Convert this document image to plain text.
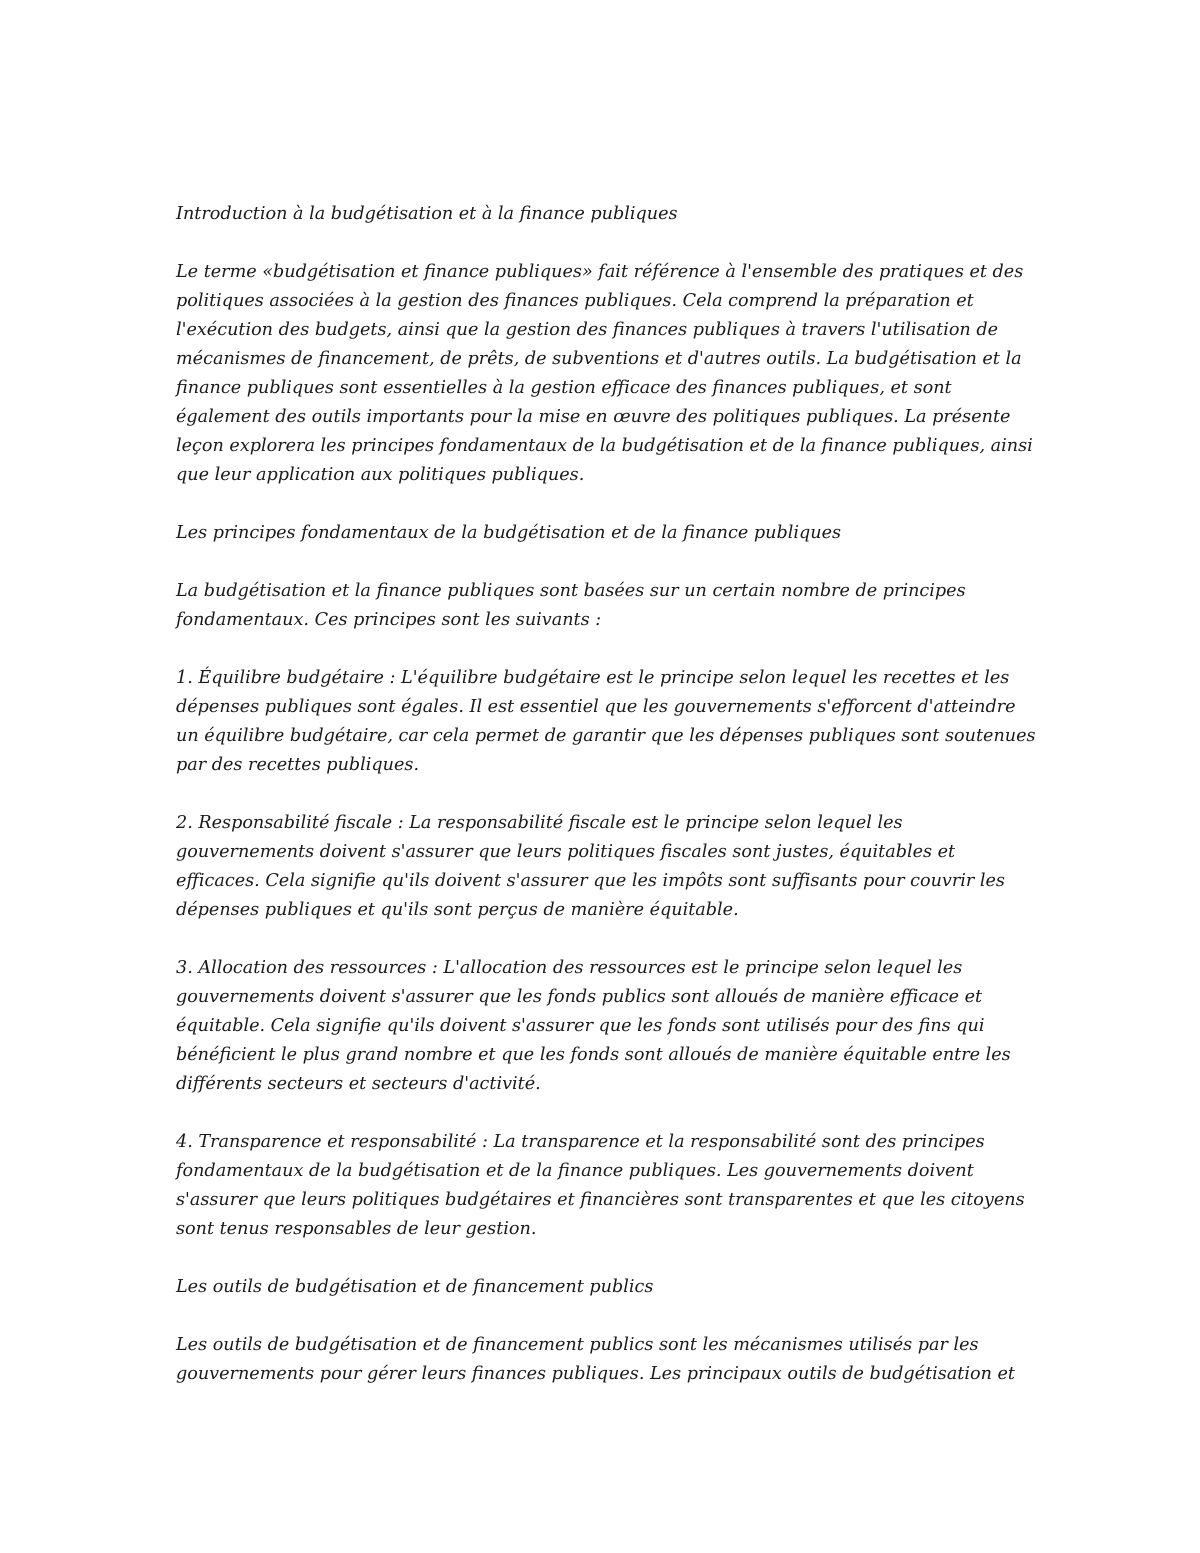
Introduction à la budgétisation et à la finance publiques

Le terme «budgétisation et finance publiques» fait référence à l'ensemble des pratiques et des politiques associées à la gestion des finances publiques. Cela comprend la préparation et l'exécution des budgets, ainsi que la gestion des finances publiques à travers l'utilisation de mécanismes de financement, de prêts, de subventions et d'autres outils. La budgétisation et la finance publiques sont essentielles à la gestion efficace des finances publiques, et sont également des outils importants pour la mise en œuvre des politiques publiques. La présente leçon explorera les principes fondamentaux de la budgétisation et de la finance publiques, ainsi que leur application aux politiques publiques.

Les principes fondamentaux de la budgétisation et de la finance publiques

La budgétisation et la finance publiques sont basées sur un certain nombre de principes fondamentaux. Ces principes sont les suivants :

1. Équilibre budgétaire : L'équilibre budgétaire est le principe selon lequel les recettes et les dépenses publiques sont égales. Il est essentiel que les gouvernements s'efforcent d'atteindre un équilibre budgétaire, car cela permet de garantir que les dépenses publiques sont soutenues par des recettes publiques.

2. Responsabilité fiscale : La responsabilité fiscale est le principe selon lequel les gouvernements doivent s'assurer que leurs politiques fiscales sont justes, équitables et efficaces. Cela signifie qu'ils doivent s'assurer que les impôts sont suffisants pour couvrir les dépenses publiques et qu'ils sont perçus de manière équitable.

3. Allocation des ressources : L'allocation des ressources est le principe selon lequel les gouvernements doivent s'assurer que les fonds publics sont alloués de manière efficace et équitable. Cela signifie qu'ils doivent s'assurer que les fonds sont utilisés pour des fins qui bénéficient le plus grand nombre et que les fonds sont alloués de manière équitable entre les différents secteurs et secteurs d'activité.

4. Transparence et responsabilité : La transparence et la responsabilité sont des principes fondamentaux de la budgétisation et de la finance publiques. Les gouvernements doivent s'assurer que leurs politiques budgétaires et financières sont transparentes et que les citoyens sont tenus responsables de leur gestion.

Les outils de budgétisation et de financement publics

Les outils de budgétisation et de financement publics sont les mécanismes utilisés par les gouvernements pour gérer leurs finances publiques. Les principaux outils de budgétisation et
